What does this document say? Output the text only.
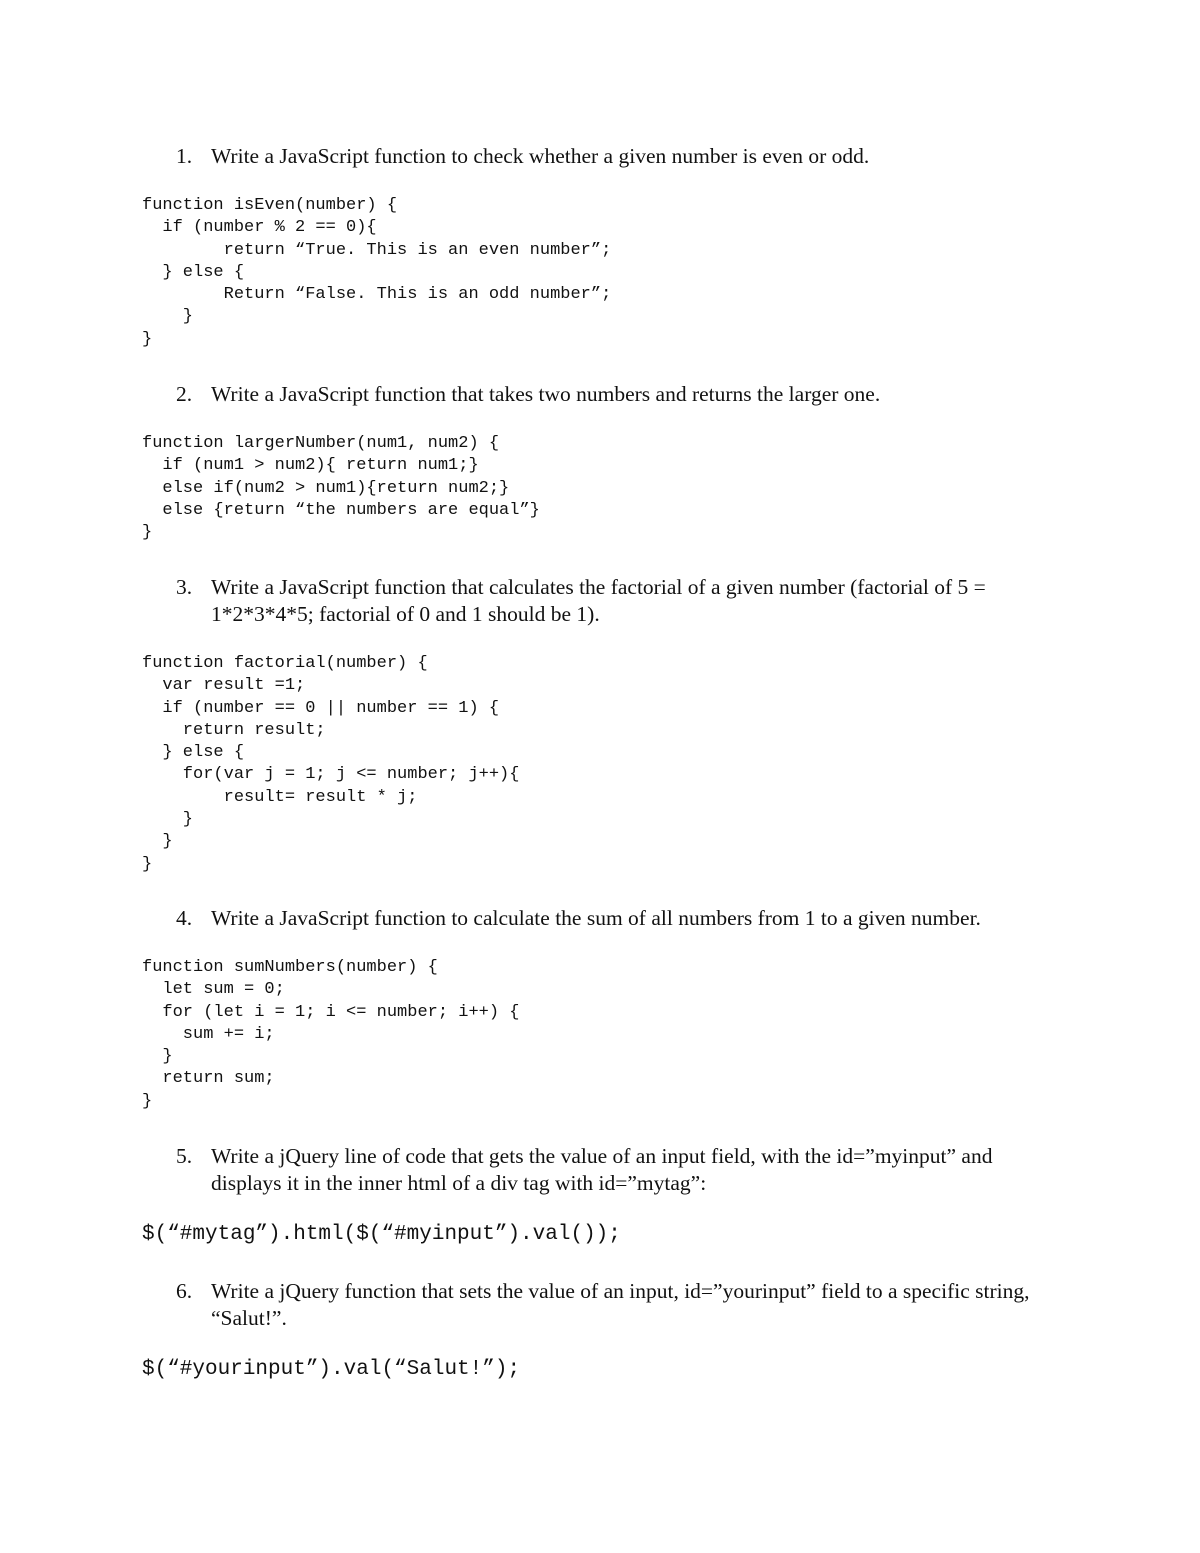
1. Write a JavaScript function to check whether a given number is even or odd.
function isEven(number) {
if (number % 2 == 0){
return “True. This is an even number”;
} else {
Return “False. This is an odd number”;
}
}
2. Write a JavaScript function that takes two numbers and returns the larger one.
function largerNumber(num1, num2) {
if (num1 > num2){ return num1;}
else if(num2 > num1){return num2;}
else {return “the numbers are equal”}
}
3. Write a JavaScript function that calculates the factorial of a given number (factorial of 5 = 1*2*3*4*5; factorial of 0 and 1 should be 1).
function factorial(number) {
var result =1;
if (number == 0 || number == 1) {
return result;
} else {
for(var j = 1; j <= number; j++){
result= result * j;
}
}
}
4. Write a JavaScript function to calculate the sum of all numbers from 1 to a given number.
function sumNumbers(number) {
let sum = 0;
for (let i = 1; i <= number; i++) {
sum += i;
}
return sum;
}
5. Write a jQuery line of code that gets the value of an input field, with the id=”myinput” and displays it in the inner html of a div tag with id=”mytag”:
$(“#mytag”).html($(“#myinput”).val());
6. Write a jQuery function that sets the value of an input, id=”yourinput” field to a specific string, “Salut!”.
$(“#yourinput”).val(“Salut!”);
